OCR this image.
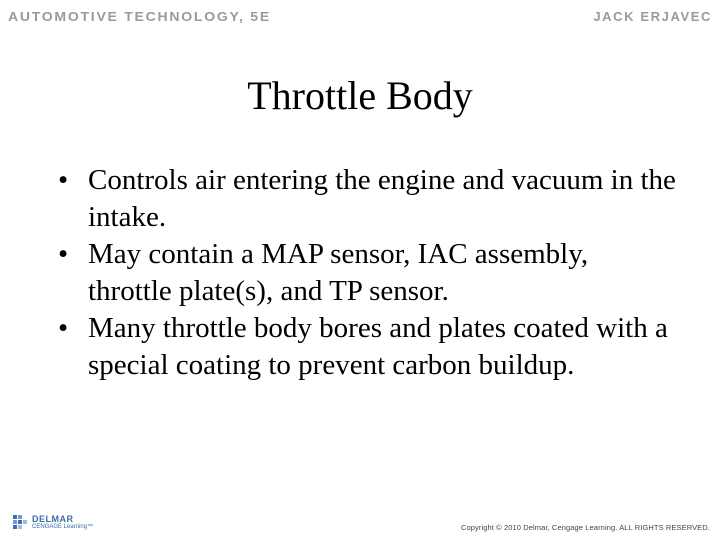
AUTOMOTIVE TECHNOLOGY, 5E	JACK ERJAVEC
Throttle Body
• Controls air entering the engine and vacuum in the intake.
• May contain a MAP sensor, IAC assembly, throttle plate(s), and TP sensor.
• Many throttle body bores and plates coated with a special coating to prevent carbon buildup.
DELMAR
CENGAGE Learning™	Copyright © 2010 Delmar, Cengage Learning. ALL RIGHTS RESERVED.
